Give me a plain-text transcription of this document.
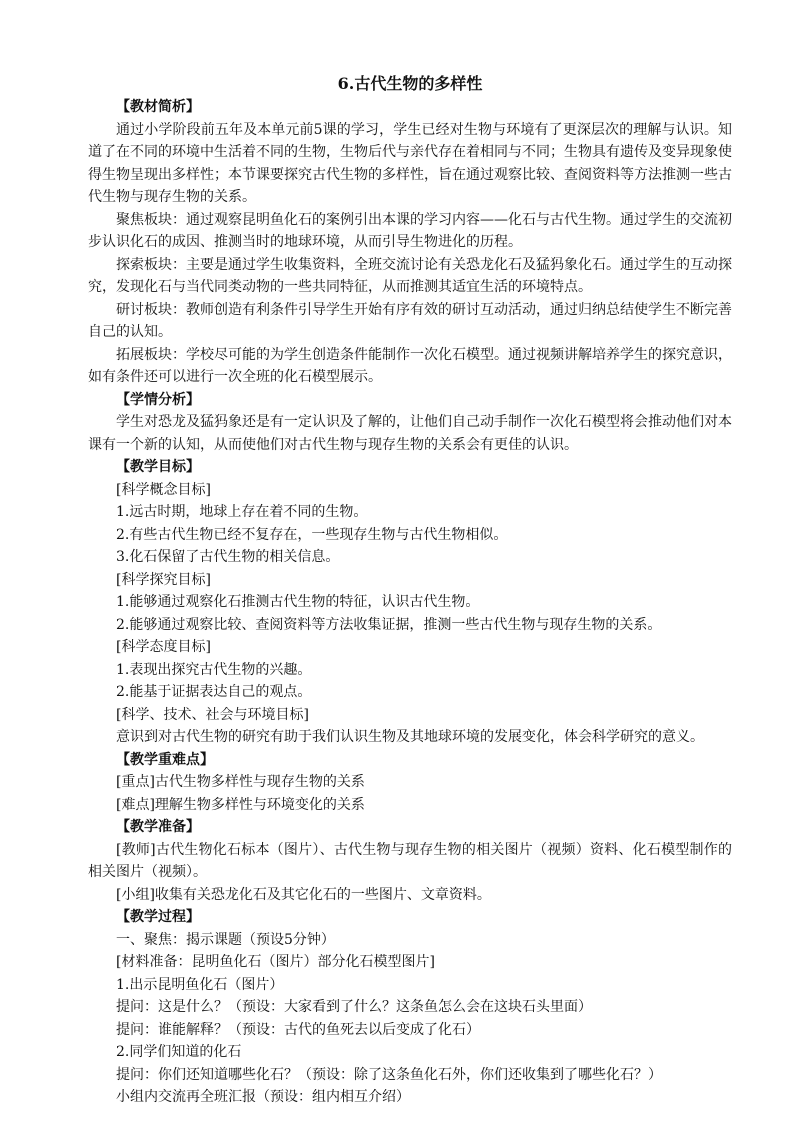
6.古代生物的多样性

【教材简析】

通过小学阶段前五年及本单元前5课的学习，学生已经对生物与环境有了更深层次的理解与认识。知道了在不同的环境中生活着不同的生物，生物后代与亲代存在着相同与不同；生物具有遗传及变异现象使得生物呈现出多样性；本节课要探究古代生物的多样性，旨在通过观察比较、查阅资料等方法推测一些古代生物与现存生物的关系。

聚焦板块：通过观察昆明鱼化石的案例引出本课的学习内容——化石与古代生物。通过学生的交流初步认识化石的成因、推测当时的地球环境，从而引导生物进化的历程。

探索板块：主要是通过学生收集资料，全班交流讨论有关恐龙化石及猛犸象化石。通过学生的互动探究，发现化石与当代同类动物的一些共同特征，从而推测其适宜生活的环境特点。

研讨板块：教师创造有利条件引导学生开始有序有效的研讨互动活动，通过归纳总结使学生不断完善自己的认知。

拓展板块：学校尽可能的为学生创造条件能制作一次化石模型。通过视频讲解培养学生的探究意识，如有条件还可以进行一次全班的化石模型展示。

【学情分析】

学生对恐龙及猛犸象还是有一定认识及了解的，让他们自己动手制作一次化石模型将会推动他们对本课有一个新的认知，从而使他们对古代生物与现存生物的关系会有更佳的认识。

【教学目标】

[科学概念目标]

1.远古时期，地球上存在着不同的生物。

2.有些古代生物已经不复存在，一些现存生物与古代生物相似。

3.化石保留了古代生物的相关信息。

[科学探究目标]

1.能够通过观察化石推测古代生物的特征，认识古代生物。

2.能够通过观察比较、查阅资料等方法收集证据，推测一些古代生物与现存生物的关系。

[科学态度目标]

1.表现出探究古代生物的兴趣。

2.能基于证据表达自己的观点。

[科学、技术、社会与环境目标]

意识到对古代生物的研究有助于我们认识生物及其地球环境的发展变化，体会科学研究的意义。

【教学重难点】

[重点]古代生物多样性与现存生物的关系

[难点]理解生物多样性与环境变化的关系

【教学准备】

[教师]古代生物化石标本（图片）、古代生物与现存生物的相关图片（视频）资料、化石模型制作的相关图片（视频）。

[小组]收集有关恐龙化石及其它化石的一些图片、文章资料。

【教学过程】

一、聚焦：揭示课题（预设5分钟）

[材料准备：昆明鱼化石（图片）部分化石模型图片]

1.出示昆明鱼化石（图片）

提问：这是什么？（预设：大家看到了什么？这条鱼怎么会在这块石头里面）

提问：谁能解释？（预设：古代的鱼死去以后变成了化石）

2.同学们知道的化石

提问：你们还知道哪些化石？（预设：除了这条鱼化石外，你们还收集到了哪些化石？）

小组内交流再全班汇报（预设：组内相互介绍）
